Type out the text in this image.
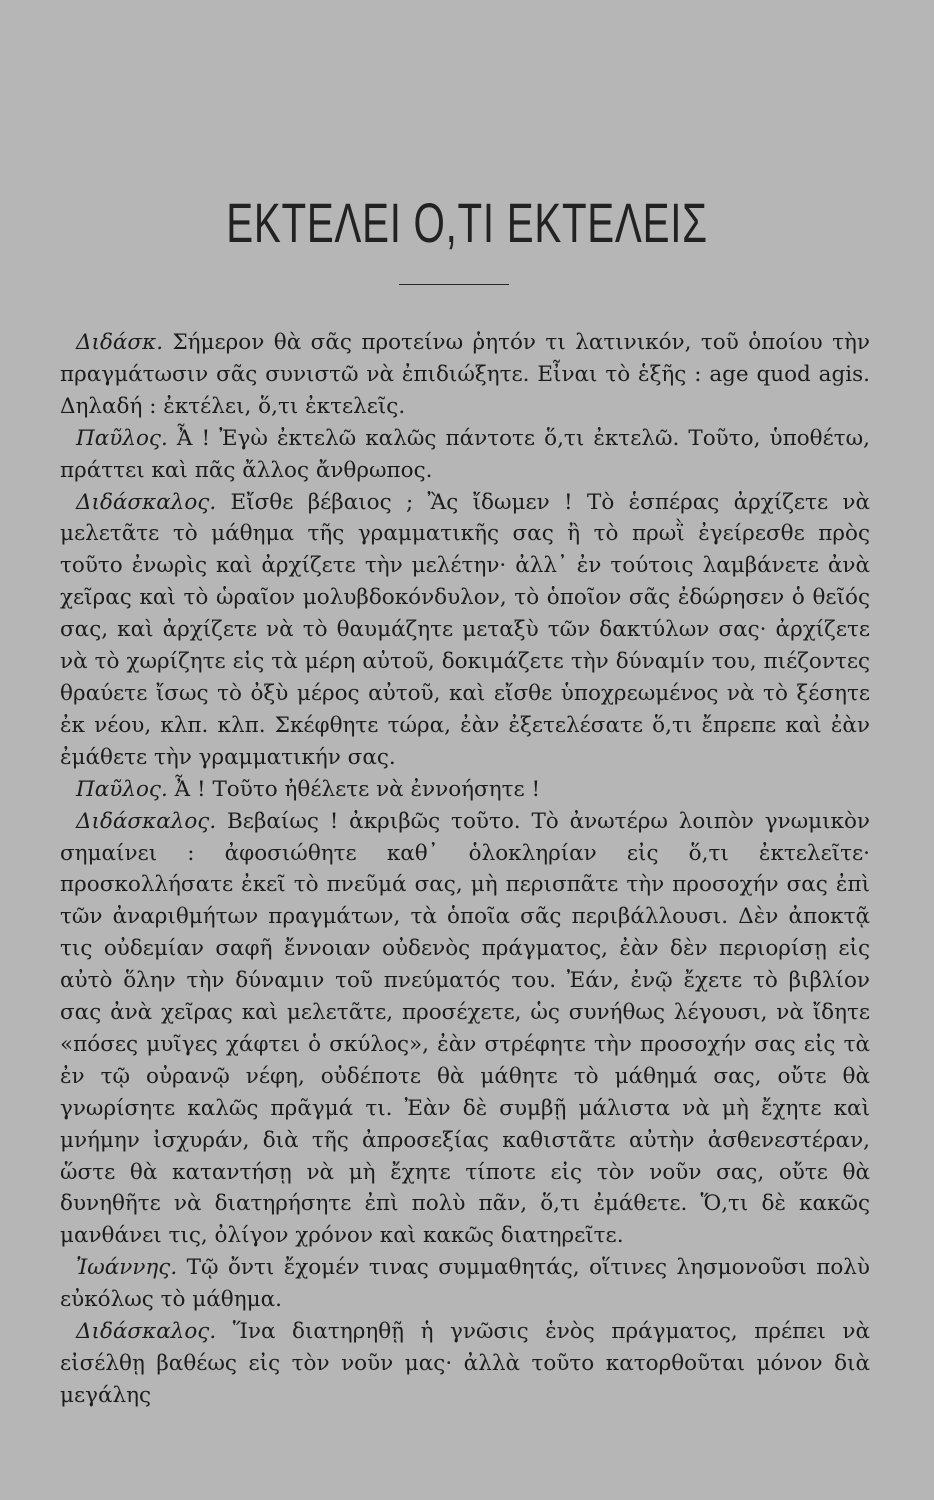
ΕΚΤΕΛΕΙ Ο,ΤΙ ΕΚΤΕΛΕΙΣ

Διδάσκ. Σήμερον θὰ σᾶς προτείνω ῥητόν τι λατινικόν, τοῦ ὁποίου τὴν πραγμάτωσιν σᾶς συνιστῶ νὰ ἐπιδιώξητε. Εἶναι τὸ ἑξῆς : age quod agis. Δηλαδή : ἐκτέλει, ὅ,τι ἐκτελεῖς.

Παῦλος. Ἆ ! Ἐγὼ ἐκτελῶ καλῶς πάντοτε ὅ,τι ἐκτελῶ. Τοῦτο, ὑποθέτω, πράττει καὶ πᾶς ἄλλος ἄνθρωπος.

Διδάσκαλος. Εἴσθε βέβαιος ; Ἂς ἴδωμεν ! Τὸ ἑσπέρας ἀρχίζετε νὰ μελετᾶτε τὸ μάθημα τῆς γραμματικῆς σας ἢ τὸ πρωῒ ἐγείρεσθε πρὸς τοῦτο ἐνωρὶς καὶ ἀρχίζετε τὴν μελέτην· ἀλλ᾽ ἐν τούτοις λαμβάνετε ἀνὰ χεῖρας καὶ τὸ ὡραῖον μολυβδοκόνδυλον, τὸ ὁποῖον σᾶς ἐδώρησεν ὁ θεῖός σας, καὶ ἀρχίζετε νὰ τὸ θαυμάζητε μεταξὺ τῶν δακτύλων σας· ἀρχίζετε νὰ τὸ χωρίζητε εἰς τὰ μέρη αὐτοῦ, δοκιμάζετε τὴν δύναμίν του, πιέζοντες θραύετε ἴσως τὸ ὀξὺ μέρος αὐτοῦ, καὶ εἴσθε ὑποχρεωμένος νὰ τὸ ξέσητε ἐκ νέου, κλπ. κλπ. Σκέφθητε τώρα, ἐὰν ἐξετελέσατε ὅ,τι ἔπρεπε καὶ ἐὰν ἐμάθετε τὴν γραμματικήν σας.

Παῦλος. Ἆ ! Τοῦτο ἠθέλετε νὰ ἐννοήσητε !

Διδάσκαλος. Βεβαίως ! ἀκριβῶς τοῦτο. Τὸ ἀνωτέρω λοιπὸν γνωμικὸν σημαίνει : ἀφοσιώθητε καθ᾽ ὁλοκληρίαν εἰς ὅ,τι ἐκτελεῖτε· προσκολλήσατε ἐκεῖ τὸ πνεῦμά σας, μὴ περισπᾶτε τὴν προσοχήν σας ἐπὶ τῶν ἀναριθμήτων πραγμάτων, τὰ ὁποῖα σᾶς περιβάλλουσι. Δὲν ἀποκτᾷ τις οὐδεμίαν σαφῆ ἔννοιαν οὐδενὸς πράγματος, ἐὰν δὲν περιορίσῃ εἰς αὐτὸ ὅλην τὴν δύναμιν τοῦ πνεύματός του. Ἐάν, ἐνῷ ἔχετε τὸ βιβλίον σας ἀνὰ χεῖρας καὶ μελετᾶτε, προσέχετε, ὡς συνήθως λέγουσι, νὰ ἴδητε «πόσες μυῖγες χάφτει ὁ σκύλος», ἐὰν στρέφητε τὴν προσοχήν σας εἰς τὰ ἐν τῷ οὐρανῷ νέφη, οὐδέποτε θὰ μάθητε τὸ μάθημά σας, οὔτε θὰ γνωρίσητε καλῶς πρᾶγμά τι. Ἐὰν δὲ συμβῇ μάλιστα νὰ μὴ ἔχητε καὶ μνήμην ἰσχυράν, διὰ τῆς ἀπροσεξίας καθιστᾶτε αὐτὴν ἀσθενεστέραν, ὥστε θὰ καταντήσῃ νὰ μὴ ἔχητε τίποτε εἰς τὸν νοῦν σας, οὔτε θὰ δυνηθῆτε νὰ διατηρήσητε ἐπὶ πολὺ πᾶν, ὅ,τι ἐμάθετε. Ὅ,τι δὲ κακῶς μανθάνει τις, ὀλίγον χρόνον καὶ κακῶς διατηρεῖτε.

Ἰωάννης. Τῷ ὄντι ἔχομέν τινας συμμαθητάς, οἵτινες λησμονοῦσι πολὺ εὐκόλως τὸ μάθημα.

Διδάσκαλος. Ἵνα διατηρηθῇ ἡ γνῶσις ἑνὸς πράγματος, πρέπει νὰ εἰσέλθῃ βαθέως εἰς τὸν νοῦν μας· ἀλλὰ τοῦτο κατορθοῦται μόνον διὰ μεγάλης
